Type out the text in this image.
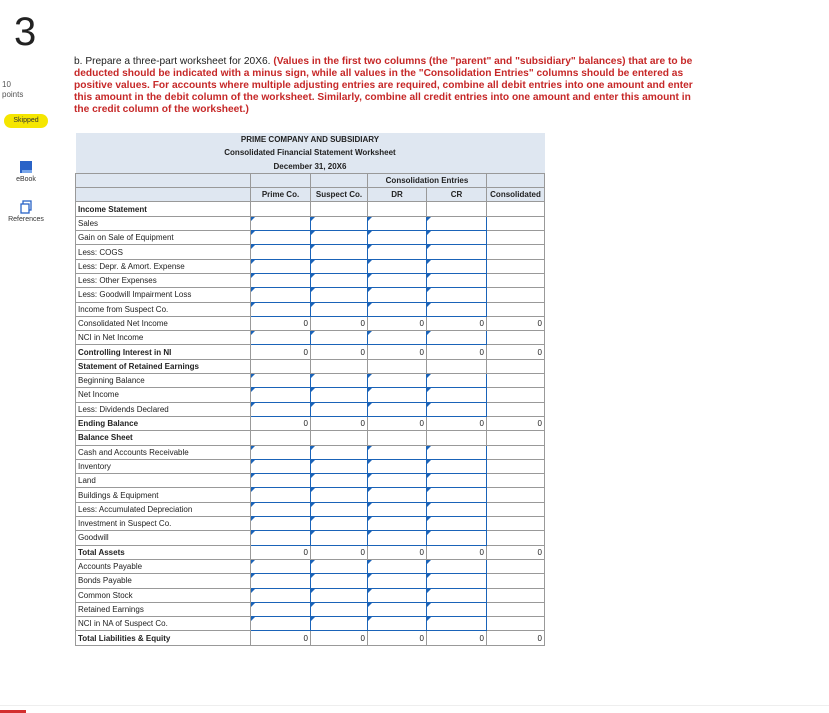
3
10
points
Skipped
eBook
References
b. Prepare a three-part worksheet for 20X6. (Values in the first two columns (the "parent" and "subsidiary" balances) that are to be deducted should be indicated with a minus sign, while all values in the "Consolidation Entries" columns should be entered as positive values. For accounts where multiple adjusting entries are required, combine all debit entries into one amount and enter this amount in the debit column of the worksheet. Similarly, combine all credit entries into one amount and enter this amount in the credit column of the worksheet.)
PRIME COMPANY AND SUBSIDIARY					
Consolidated Financial Statement Worksheet					
December 31, 20X6					
			Consolidation Entries		
	Prime Co.	Suspect Co.	DR	CR	Consolidated
Income Statement					
Sales					
Gain on Sale of Equipment					
Less: COGS					
Less: Depr. & Amort. Expense					
Less: Other Expenses					
Less: Goodwill Impairment Loss					
Income from Suspect Co.					
Consolidated Net Income	0	0	0	0	0
NCI in Net Income					
Controlling Interest in NI	0	0	0	0	0
Statement of Retained Earnings					
Beginning Balance					
Net Income					
Less: Dividends Declared					
Ending Balance	0	0	0	0	0
Balance Sheet					
Cash and Accounts Receivable					
Inventory					
Land					
Buildings & Equipment					
Less: Accumulated Depreciation					
Investment in Suspect Co.					
Goodwill					
Total Assets	0	0	0	0	0
Accounts Payable					
Bonds Payable					
Common Stock					
Retained Earnings					
NCI in NA of Suspect Co.					
Total Liabilities & Equity	0	0	0	0	0
